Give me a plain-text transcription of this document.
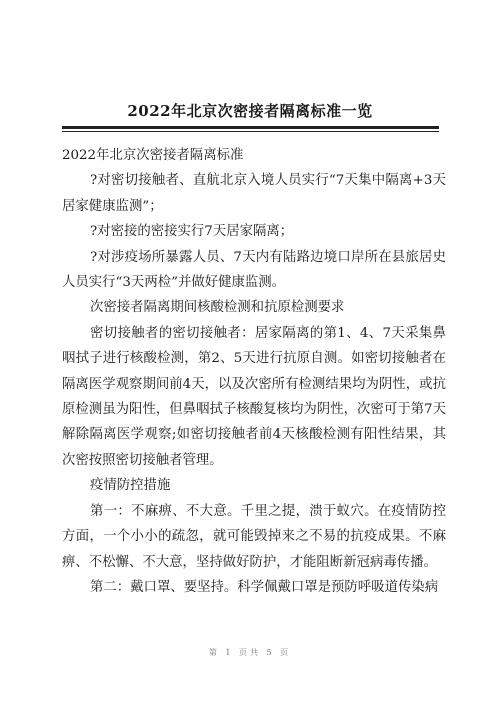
2022年北京次密接者隔离标准一览

2022年北京次密接者隔离标准

?对密切接触者、直航北京入境人员实行“7天集中隔离+3天居家健康监测”；

?对密接的密接实行7天居家隔离；

?对涉疫场所暴露人员、7天内有陆路边境口岸所在县旅居史人员实行“3天两检”并做好健康监测。

次密接者隔离期间核酸检测和抗原检测要求

密切接触者的密切接触者：居家隔离的第1、4、7天采集鼻咽拭子进行核酸检测，第2、5天进行抗原自测。如密切接触者在隔离医学观察期间前4天，以及次密所有检测结果均为阴性，或抗原检测虽为阳性，但鼻咽拭子核酸复核均为阴性，次密可于第7天解除隔离医学观察;如密切接触者前4天核酸检测有阳性结果，其次密按照密切接触者管理。

疫情防控措施

第一：不麻痹、不大意。千里之提，溃于蚁穴。在疫情防控方面，一个小小的疏忽，就可能毁掉来之不易的抗疫成果。不麻痹、不松懈、不大意，坚持做好防护，才能阻断新冠病毒传播。

第二：戴口罩、要坚持。科学佩戴口罩是预防呼吸道传染病

第 1 页共 5 页
